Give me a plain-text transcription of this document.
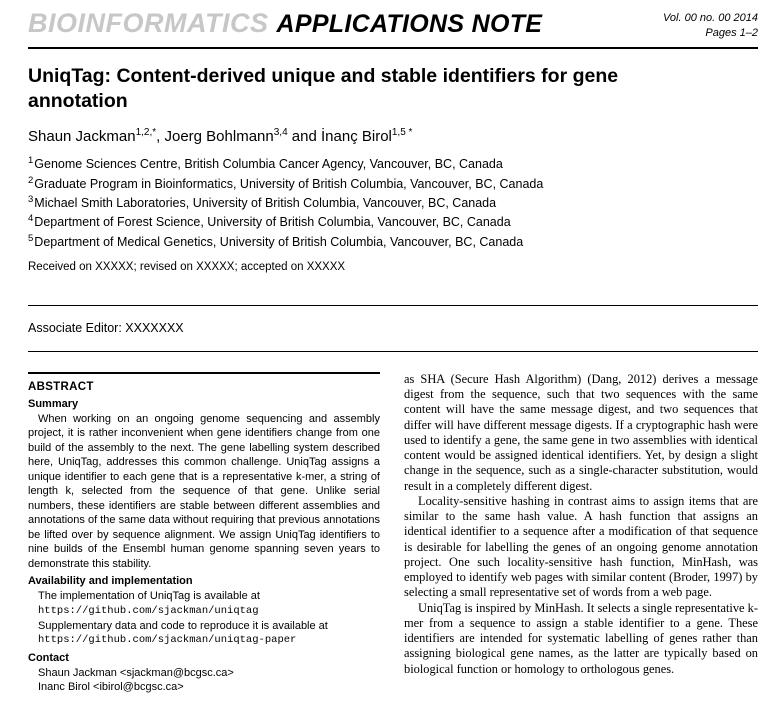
BIOINFORMATICS APPLICATIONS NOTE	Vol. 00 no. 00 2014
Pages 1–2
UniqTag: Content-derived unique and stable identifiers for gene annotation

Shaun Jackman$^{1,2,*}$, Joerg Bohlmann$^{3,4}$ and İnanç Birol$^{1,5 *}$

$^1$Genome Sciences Centre, British Columbia Cancer Agency, Vancouver, BC, Canada
$^2$Graduate Program in Bioinformatics, University of British Columbia, Vancouver, BC, Canada
$^3$Michael Smith Laboratories, University of British Columbia, Vancouver, BC, Canada
$^4$Department of Forest Science, University of British Columbia, Vancouver, BC, Canada
$^5$Department of Medical Genetics, University of British Columbia, Vancouver, BC, Canada

Received on XXXXX; revised on XXXXX; accepted on XXXXX

Associate Editor: XXXXXXX

ABSTRACT
Summary

When working on an ongoing genome sequencing and assembly project, it is rather inconvenient when gene identifiers change from one build of the assembly to the next. The gene labelling system described here, UniqTag, addresses this common challenge. UniqTag assigns a unique identifier to each gene that is a representative k-mer, a string of length k, selected from the sequence of that gene. Unlike serial numbers, these identifiers are stable between different assemblies and annotations of the same data without requiring that previous annotations be lifted over by sequence alignment. We assign UniqTag identifiers to nine builds of the Ensembl human genome spanning seven years to demonstrate this stability.

Availability and implementation

The implementation of UniqTag is available at

https://github.com/sjackman/uniqtag

Supplementary data and code to reproduce it is available at

https://github.com/sjackman/uniqtag-paper

Contact

Shaun Jackman <sjackman@bcgsc.ca>

Inanc Birol <ibirol@bcgsc.ca>

as SHA (Secure Hash Algorithm) (Dang, 2012) derives a message digest from the sequence, such that two sequences with the same content will have the same message digest, and two sequences that differ will have different message digests. If a cryptographic hash were used to identify a gene, the same gene in two assemblies with identical content would be assigned identical identifiers. Yet, by design a slight change in the sequence, such as a single-character substitution, would result in a completely different digest.

Locality-sensitive hashing in contrast aims to assign items that are similar to the same hash value. A hash function that assigns an identical identifier to a sequence after a modification of that sequence is desirable for labelling the genes of an ongoing genome annotation project. One such locality-sensitive hash function, MinHash, was employed to identify web pages with similar content (Broder, 1997) by selecting a small representative set of words from a web page.

UniqTag is inspired by MinHash. It selects a single representative k-mer from a sequence to assign a stable identifier to a gene. These identifiers are intended for systematic labelling of genes rather than assigning biological gene names, as the latter are typically based on biological function or homology to orthologous genes.
